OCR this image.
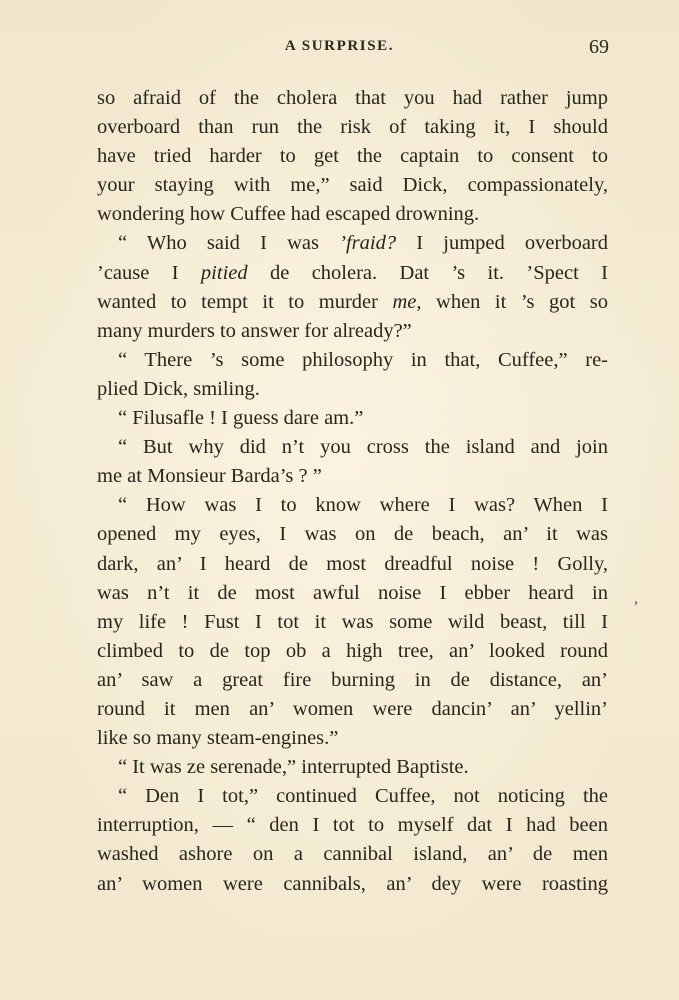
A SURPRISE.	69
so afraid of the cholera that you had rather jump
overboard than run the risk of taking it, I should
have tried harder to get the captain to consent to
your staying with me,” said Dick, compassionately,
wondering how Cuffee had escaped drowning.
“ Who said I was ’fraid? I jumped overboard
’cause I pitied de cholera. Dat ’s it. ’Spect I
wanted to tempt it to murder me, when it ’s got so
many murders to answer for already?”
“ There ’s some philosophy in that, Cuffee,” re-
plied Dick, smiling.
“ Filusafle ! I guess dare am.”
“ But why did n’t you cross the island and join
me at Monsieur Barda’s ? ”
“ How was I to know where I was? When I
opened my eyes, I was on de beach, an’ it was
dark, an’ I heard de most dreadful noise ! Golly,
was n’t it de most awful noise I ebber heard in
my life ! Fust I tot it was some wild beast, till I
climbed to de top ob a high tree, an’ looked round
an’ saw a great fire burning in de distance, an’
round it men an’ women were dancin’ an’ yellin’
like so many steam-engines.”
“ It was ze serenade,” interrupted Baptiste.
“ Den I tot,” continued Cuffee, not noticing the
interruption, — “ den I tot to myself dat I had been
washed ashore on a cannibal island, an’ de men
an’ women were cannibals, an’ dey were roasting
,
